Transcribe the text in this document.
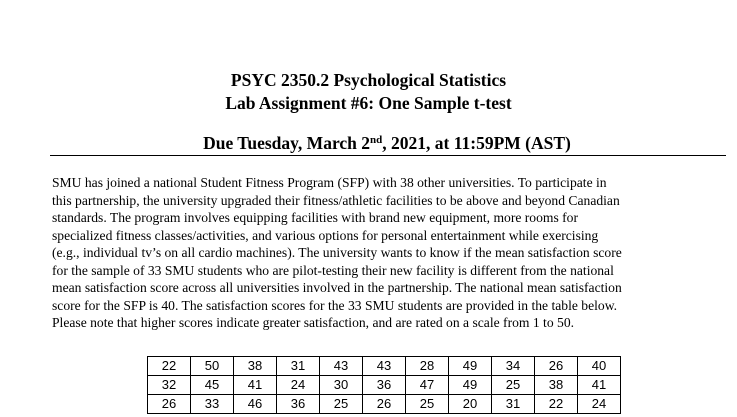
PSYC 2350.2 Psychological Statistics
Lab Assignment #6: One Sample t-test
Due Tuesday, March 2nd, 2021, at 11:59PM (AST)
SMU has joined a national Student Fitness Program (SFP) with 38 other universities. To participate in
this partnership, the university upgraded their fitness/athletic facilities to be above and beyond Canadian
standards. The program involves equipping facilities with brand new equipment, more rooms for
specialized fitness classes/activities, and various options for personal entertainment while exercising
(e.g., individual tv’s on all cardio machines). The university wants to know if the mean satisfaction score
for the sample of 33 SMU students who are pilot-testing their new facility is different from the national
mean satisfaction score across all universities involved in the partnership. The national mean satisfaction
score for the SFP is 40. The satisfaction scores for the 33 SMU students are provided in the table below.
Please note that higher scores indicate greater satisfaction, and are rated on a scale from 1 to 50.
22	50	38	31	43	43	28	49	34	26	40
32	45	41	24	30	36	47	49	25	38	41
26	33	46	36	25	26	25	20	31	22	24
